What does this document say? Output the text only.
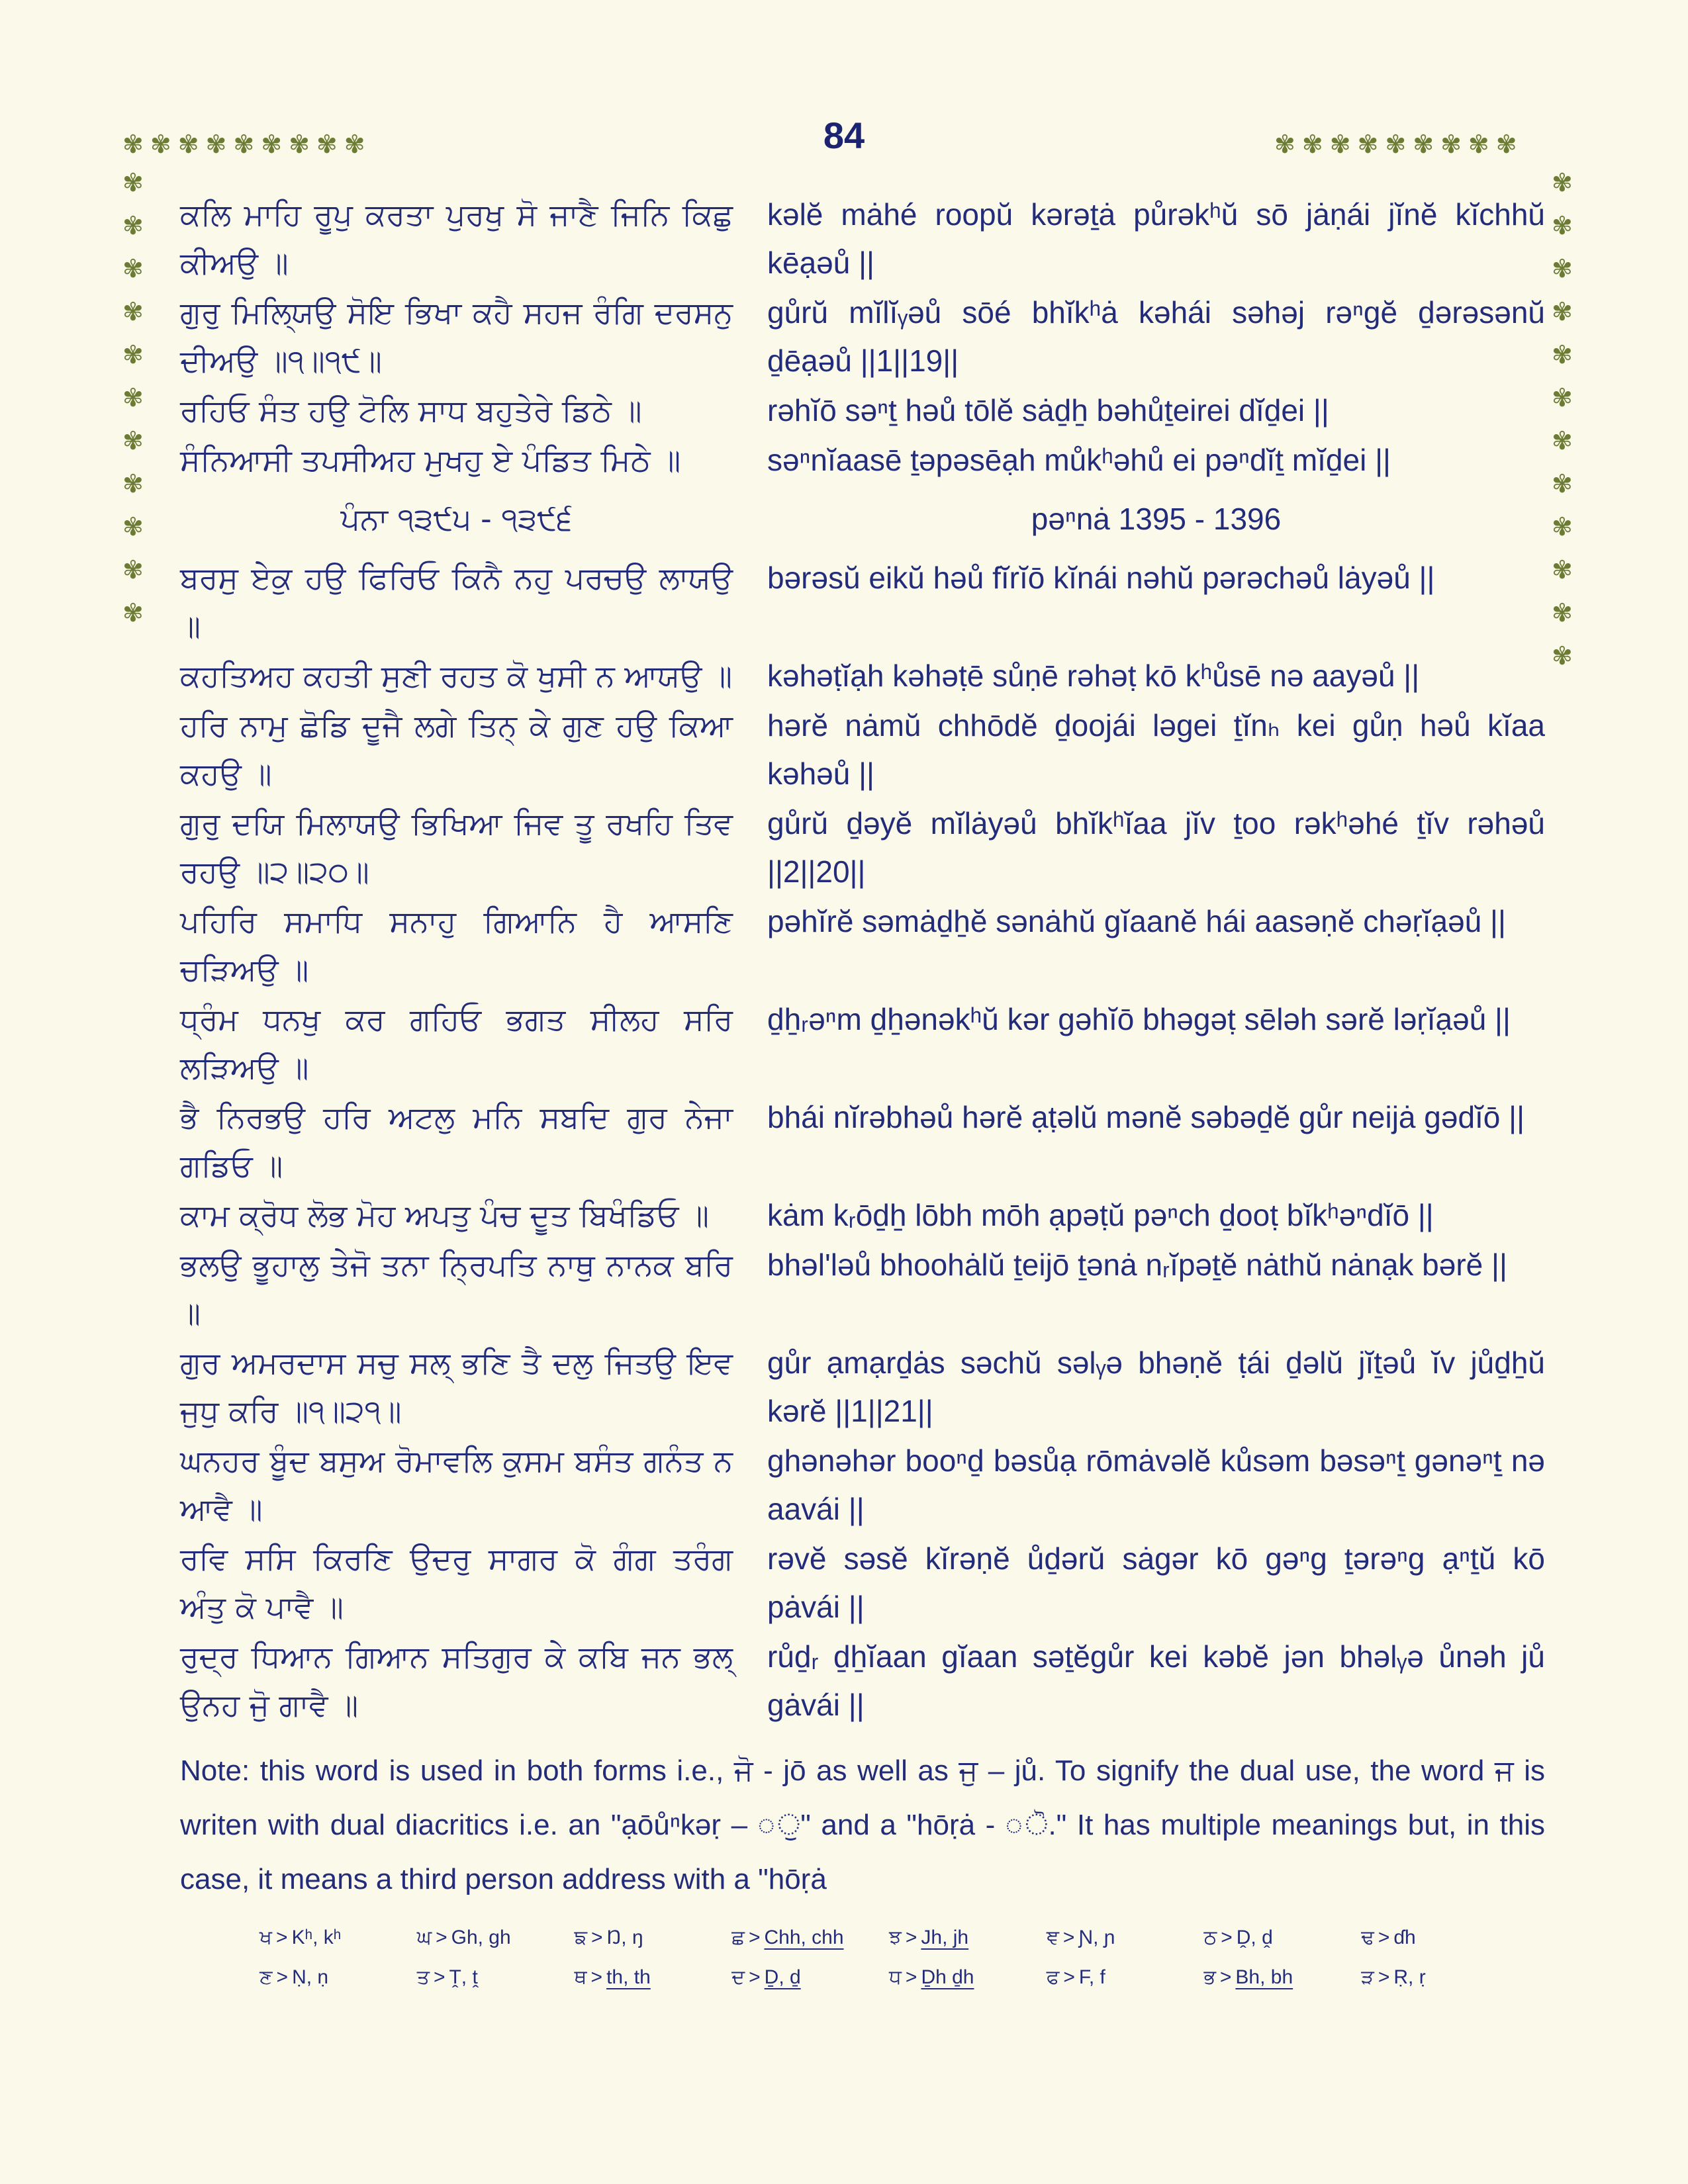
84
✾ ✾ ✾ ✾ ✾ ✾ ✾ ✾ ✾	✾ ✾ ✾ ✾ ✾ ✾ ✾ ✾ ✾
✾
✾
✾
✾
✾
✾
✾
✾
✾
✾
✾
✾
✾
✾
✾
✾
✾
✾
✾
✾
✾
✾
✾
ਕਲਿ ਮਾਹਿ ਰੂਪੁ ਕਰਤਾ ਪੁਰਖੁ ਸੋ ਜਾਣੈ ਜਿਨਿ ਕਿਛੁ ਕੀਅਉ ॥
kəlĕ mȧhé roopŭ kərəṯȧ půrəkʰŭ sō jȧṇái jĭnĕ kĭchhŭ kēạəů ||
ਗੁਰੁ ਮਿਲ੍ਯਿਉ ਸੋਇ ਭਿਖਾ ਕਹੈ ਸਹਜ ਰੰਗਿ ਦਰਸਨੁ ਦੀਅਉ ॥੧॥੧੯॥
gůrŭ mĭlĭᵧəů sōé bhĭkʰȧ kəhái səhəj rəⁿgĕ ḏərəsənŭ ḏēạəů ||1||19||
ਰਹਿਓ ਸੰਤ ਹਉ ਟੋਲਿ ਸਾਧ ਬਹੁਤੇਰੇ ਡਿਠੇ ॥	rəhĭō səⁿṯ həů tōlĕ sȧḏẖ bəhůṯeirei dĭḏei ||
ਸੰਨਿਆਸੀ ਤਪਸੀਅਹ ਮੁਖਹੁ ਏ ਪੰਡਿਤ ਮਿਠੇ ॥	səⁿnĭaasē ṯəpəsēạh můkʰəhů ei pəⁿdĭṯ mĭḏei ||
ਪੰਨਾ ੧੩੯੫ - ੧੩੯੬	pəⁿnȧ 1395 - 1396
ਬਰਸੁ ਏਕੁ ਹਉ ਫਿਰਿਓ ਕਿਨੈ ਨਹੁ ਪਰਚਉ ਲਾਯਉ ॥
bərəsŭ eikŭ həů fĭrĭō kĭnái nəhŭ pərəchəů lȧyəů ||
ਕਹਤਿਅਹ ਕਹਤੀ ਸੁਣੀ ਰਹਤ ਕੋ ਖੁਸੀ ਨ ਆਯਉ ॥ kəhəṭĭạh kəhəṭē sůṇē rəhəṭ kō kʰůsē nə aayəů ||
ਹਰਿ ਨਾਮੁ ਛੋਡਿ ਦੂਜੈ ਲਗੇ ਤਿਨ੍ ਕੇ ਗੁਣ ਹਉ ਕਿਆ ਕਹਉ ॥
hərĕ nȧmŭ chhōdĕ ḏoojái ləgei ṯĭnₕ kei gůṇ həů kĭaa kəhəů ||
ਗੁਰੁ ਦਯਿ ਮਿਲਾਯਉ ਭਿਖਿਆ ਜਿਵ ਤੂ ਰਖਹਿ ਤਿਵ ਰਹਉ ॥੨॥੨੦॥
gůrŭ ḏəyĕ mĭlȧyəů bhĭkʰĭaa jĭv ṯoo rəkʰəhé ṯĭv rəhəů ||2||20||
ਪਹਿਰਿ ਸਮਾਧਿ ਸਨਾਹੁ ਗਿਆਨਿ ਹੈ ਆਸਣਿ ਚੜਿਅਉ ॥
pəhĭrĕ səmȧḏẖĕ sənȧhŭ gĭaanĕ hái aasəṇĕ chəṛĭạəů ||
ਧ੍ਰੰਮ ਧਨਖੁ ਕਰ ਗਹਿਓ ਭਗਤ ਸੀਲਹ ਸਰਿ ਲੜਿਅਉ ॥
ḏẖᵣəⁿm ḏẖənəkʰŭ kər gəhĭō bhəgəṭ sēləh sərĕ ləṛĭạəů ||
ਭੈ ਨਿਰਭਉ ਹਰਿ ਅਟਲੁ ਮਨਿ ਸਬਦਿ ਗੁਰ ਨੇਜਾ ਗਡਿਓ ॥
bhái nĭrəbhəů hərĕ ạṭəlŭ mənĕ səbəḏĕ gůr neijȧ gədĭō ||
ਕਾਮ ਕ੍ਰੋਧ ਲੋਭ ਮੋਹ ਅਪਤੁ ਪੰਚ ਦੂਤ ਬਿਖੰਡਿਓ ॥	kȧm kᵣōḏẖ lōbh mōh ạpəṭŭ pəⁿch ḏooṭ bĭkʰəⁿdĭō ||
ਭਲਉ ਭੂਹਾਲੁ ਤੇਜੋ ਤਨਾ ਨ੍ਰਿਪਤਿ ਨਾਥੁ ਨਾਨਕ ਬਰਿ ॥
bhəl'ləů bhoohȧlŭ ṯeijō ṯənȧ nᵣĭpəṯĕ nȧthŭ nȧnạk bərĕ ||
ਗੁਰ ਅਮਰਦਾਸ ਸਚੁ ਸਲ੍ ਭਣਿ ਤੈ ਦਲੁ ਜਿਤਉ ਇਵ ਜੁਧੁ ਕਰਿ ॥੧॥੨੧॥
gůr ạmạrḏȧs səchŭ səlᵧə bhəṇĕ ṭái ḏəlŭ jĭṯəů ĭv jůḏẖŭ kərĕ ||1||21||
ਘਨਹਰ ਬੂੰਦ ਬਸੁਅ ਰੋਮਾਵਲਿ ਕੁਸਮ ਬਸੰਤ ਗਨੰਤ ਨ ਆਵੈ ॥
ghənəhər booⁿḏ bəsůạ rōmȧvəlĕ kůsəm bəsəⁿṯ gənəⁿṯ nə aavái ||
ਰਵਿ ਸਸਿ ਕਿਰਣਿ ਉਦਰੁ ਸਾਗਰ ਕੋ ਗੰਗ ਤਰੰਗ ਅੰਤੁ ਕੋ ਪਾਵੈ ॥
rəvĕ səsĕ kĭrəṇĕ ůḏərŭ sȧgər kō gəⁿg ṯərəⁿg ạⁿṯŭ kō pȧvái ||
ਰੁਦ੍ਰ ਧਿਆਨ ਗਿਆਨ ਸਤਿਗੁਰ ਕੇ ਕਬਿ ਜਨ ਭਲ੍ ਉਨਹ ਜੁੋ ਗਾਵੈ ॥
růḏᵣ ḏẖĭaan gĭaan səṯĕgůr kei kəbĕ jən bhəlᵧə ůnəh jů gȧvái ||
Note: this word is used in both forms i.e., ਜੋ - jō as well as ਜੁ – jů. To signify the dual use, the word ਜ is writen with dual diacritics i.e. an "ạōůⁿkəṛ – ◌ੁ" and a "hōṛȧ - ◌ੋ." It has multiple meanings but, in this case, it means a third person address with a "hōṛȧ
ਖ > Kʰ, kʰ	ਘ > Gh, gh	ਙ > Ŋ, ŋ	ਛ > Chh, chh	ਝ > Jh, jh	ਞ > Ɲ, ɲ	ਠ > Ḓ, ḓ	ਢ > ɗh
ਣ > Ṇ, ṇ	ਤ > Ṱ, ṱ	ਥ > th, th	ਦ > Ḏ, ḏ	ਧ > Ḏh ḏh	ਫ > F, f	ਭ > Bh, bh	ੜ > Ṛ, ṛ
